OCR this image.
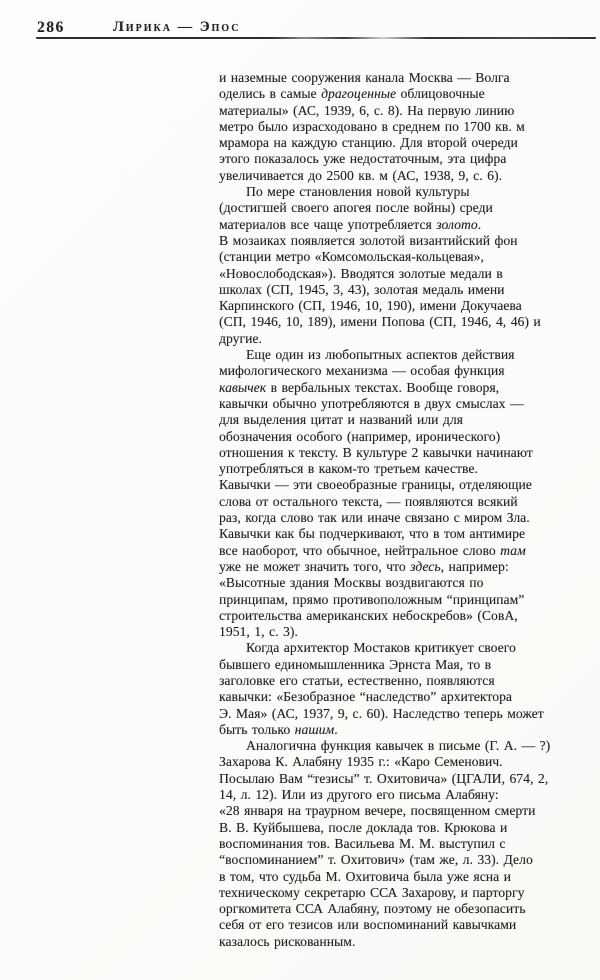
286	Лирика — Эпос
и наземные сооружения канала Москва — Волга
оделись в самые драгоценные облицовочные
материалы» (АС, 1939, 6, с. 8). На первую линию
метро было израсходовано в среднем по 1700 кв. м
мрамора на каждую станцию. Для второй очереди
этого показалось уже недостаточным, эта цифра
увеличивается до 2500 кв. м (АС, 1938, 9, с. 6).
По мере становления новой культуры
(достигшей своего апогея после войны) среди
материалов все чаще употребляется золото.
В мозаиках появляется золотой византийский фон
(станции метро «Комсомольская-кольцевая»,
«Новослободская»). Вводятся золотые медали в
школах (СП, 1945, 3, 43), золотая медаль имени
Карпинского (СП, 1946, 10, 190), имени Докучаева
(СП, 1946, 10, 189), имени Попова (СП, 1946, 4, 46) и
другие.
Еще один из любопытных аспектов действия
мифологического механизма — особая функция
кавычек в вербальных текстах. Вообще говоря,
кавычки обычно употребляются в двух смыслах —
для выделения цитат и названий или для
обозначения особого (например, иронического)
отношения к тексту. В культуре 2 кавычки начинают
употребляться в каком-то третьем качестве.
Кавычки — эти своеобразные границы, отделяющие
слова от остального текста, — появляются всякий
раз, когда слово так или иначе связано с миром Зла.
Кавычки как бы подчеркивают, что в том антимире
все наоборот, что обычное, нейтральное слово там
уже не может значить того, что здесь, например:
«Высотные здания Москвы воздвигаются по
принципам, прямо противоположным “принципам”
строительства американских небоскребов» (СовА,
1951, 1, с. 3).
Когда архитектор Мостаков критикует своего
бывшего единомышленника Эрнста Мая, то в
заголовке его статьи, естественно, появляются
кавычки: «Безобразное “наследство” архитектора
Э. Мая» (АС, 1937, 9, с. 60). Наследство теперь может
быть только нашим.
Аналогична функция кавычек в письме (Г. А. — ?)
Захарова К. Алабяну 1935 г.: «Каро Семенович.
Посылаю Вам “тезисы” т. Охитовича» (ЦГАЛИ, 674, 2,
14, л. 12). Или из другого его письма Алабяну:
«28 января на траурном вечере, посвященном смерти
В. В. Куйбышева, после доклада тов. Крюкова и
воспоминания тов. Васильева М. М. выступил с
“воспоминанием” т. Охитович» (там же, л. 33). Дело
в том, что судьба М. Охитовича была уже ясна и
техническому секретарю ССА Захарову, и парторгу
оргкомитета ССА Алабяну, поэтому не обезопасить
себя от его тезисов или воспоминаний кавычками
казалось рискованным.
